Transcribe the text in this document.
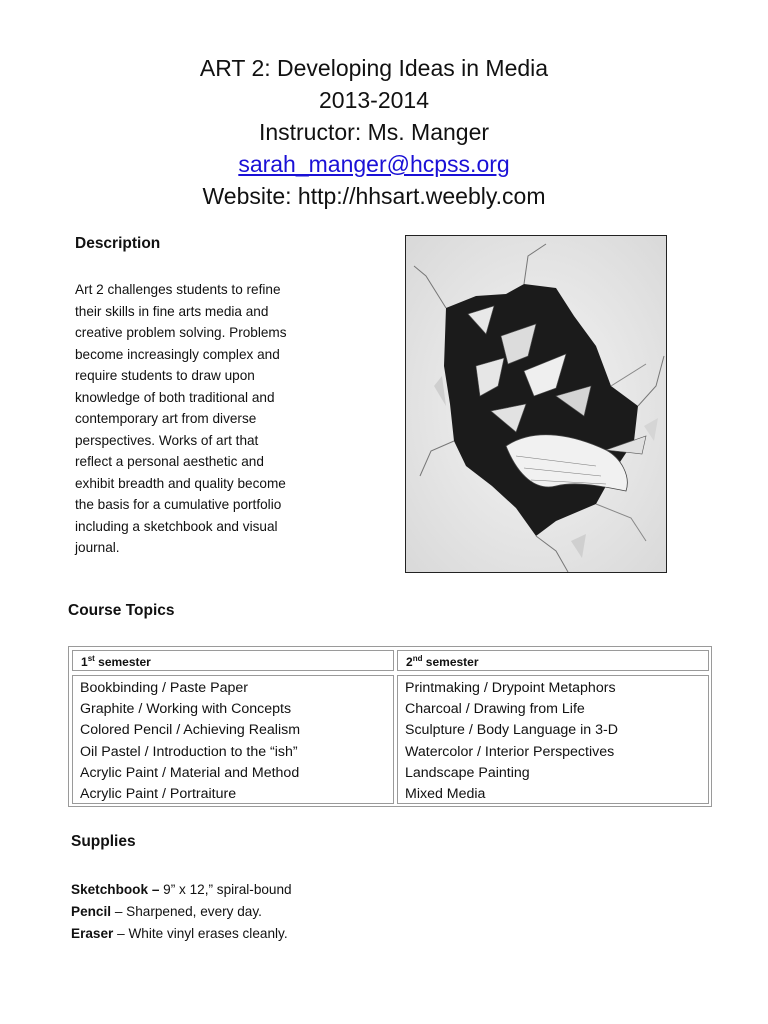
ART 2: Developing Ideas in Media
2013-2014
Instructor: Ms. Manger
sarah_manger@hcpss.org
Website: http://hhsart.weebly.com
Description
Art 2 challenges students to refine
their skills in fine arts media and
creative problem solving. Problems
become increasingly complex and
require students to draw upon
knowledge of both traditional and
contemporary art from diverse
perspectives. Works of art that
reflect a personal aesthetic and
exhibit breadth and quality become
the basis for a cumulative portfolio
including a sketchbook and visual
journal.
Course Topics
1st semester	2nd semester
Bookbinding / Paste Paper
Graphite / Working with Concepts
Colored Pencil / Achieving Realism
Oil Pastel / Introduction to the “ish”
Acrylic Paint / Material and Method
Acrylic Paint / Portraiture
Printmaking / Drypoint Metaphors
Charcoal / Drawing from Life
Sculpture / Body Language in 3-D
Watercolor / Interior Perspectives
Landscape Painting
Mixed Media
Supplies
Sketchbook – 9” x 12,” spiral-bound
Pencil – Sharpened, every day.
Eraser – White vinyl erases cleanly.
